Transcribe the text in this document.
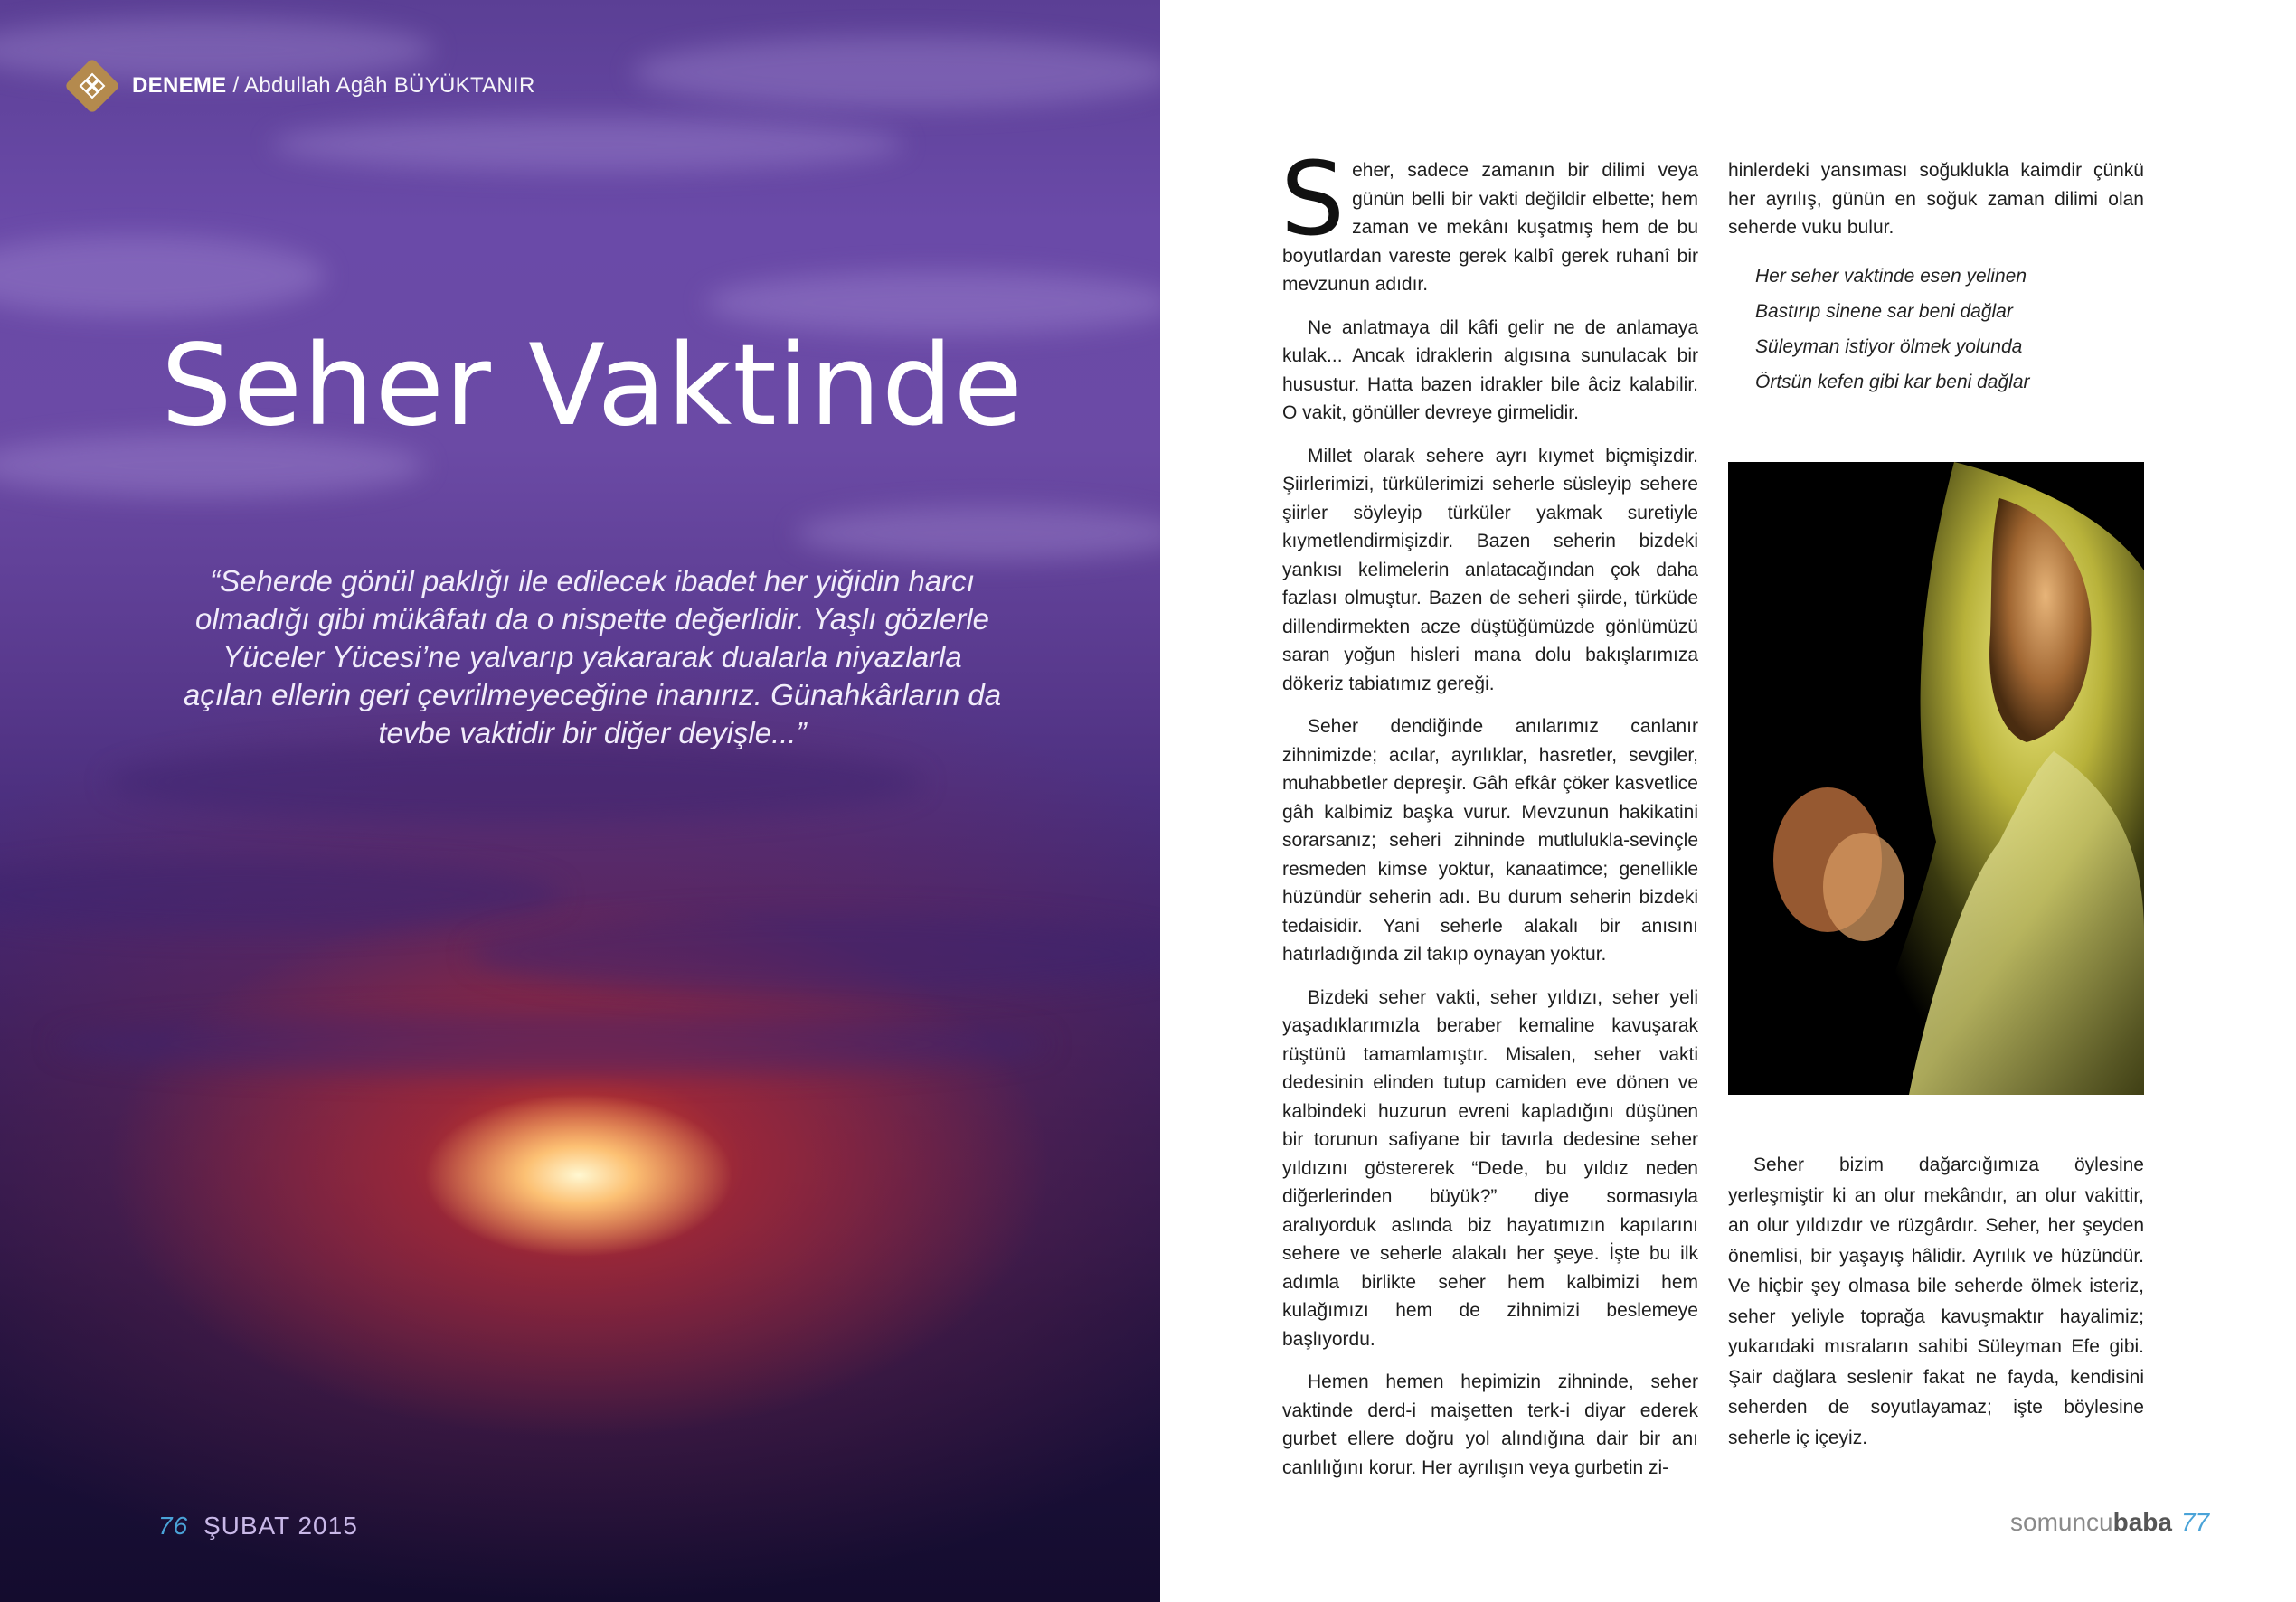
DENEME / Abdullah Agâh BÜYÜKTANIR
Seher Vaktinde

“Seherde gönül paklığı ile edilecek ibadet her yiğidin harcı olmadığı gibi mükâfatı da o nispette değerlidir. Yaşlı gözlerle Yüceler Yücesi’ne yalvarıp yakararak dualarla niyazlarla açılan ellerin geri çevrilmeyeceğine inanırız. Günahkârların da tevbe vaktidir bir diğer deyişle...”

76 ŞUBAT 2015

Seher, sadece zamanın bir dilimi veya günün belli bir vakti değildir elbette; hem zaman ve mekânı kuşatmış hem de bu boyutlardan vareste gerek kalbî gerek ruhanî bir mevzunun adıdır.

Ne anlatmaya dil kâfi gelir ne de anlamaya kulak... Ancak idraklerin algısına sunulacak bir husustur. Hatta bazen idrakler bile âciz kalabilir. O vakit, gönüller devreye girmelidir.

Millet olarak sehere ayrı kıymet biçmişizdir. Şiirlerimizi, türkülerimizi seherle süsleyip sehere şiirler söyleyip türküler yakmak suretiyle kıymetlendirmişizdir. Bazen seherin bizdeki yankısı kelimelerin anlatacağından çok daha fazlası olmuştur. Bazen de seheri şiirde, türküde dillendirmekten acze düştüğümüzde gönlümüzü saran yoğun hisleri mana dolu bakışlarımıza dökeriz tabiatımız gereği.

Seher dendiğinde anılarımız canlanır zihnimizde; acılar, ayrılıklar, hasretler, sevgiler, muhabbetler depreşir. Gâh efkâr çöker kasvetlice gâh kalbimiz başka vurur. Mevzunun hakikatini sorarsanız; seheri zihninde mutlulukla-sevinçle resmeden kimse yoktur, kanaatimce; genellikle hüzündür seherin adı. Bu durum seherin bizdeki tedaisidir. Yani seherle alakalı bir anısını hatırladığında zil takıp oynayan yoktur.

Bizdeki seher vakti, seher yıldızı, seher yeli yaşadıklarımızla beraber kemaline kavuşarak rüştünü tamamlamıştır. Misalen, seher vakti dedesinin elinden tutup camiden eve dönen ve kalbindeki huzurun evreni kapladığını düşünen bir torunun safiyane bir tavırla dedesine seher yıldızını göstererek “Dede, bu yıldız neden diğerlerinden büyük?” diye sormasıyla aralıyorduk aslında biz hayatımızın kapılarını sehere ve seherle alakalı her şeye. İşte bu ilk adımla birlikte seher hem kalbimizi hem kulağımızı hem de zihnimizi beslemeye başlıyordu.

Hemen hemen hepimizin zihninde, seher vaktinde derd-i maişetten terk-i diyar ederek gurbet ellere doğru yol alındığına dair bir anı canlılığını korur. Her ayrılışın veya gurbetin zi-

hinlerdeki yansıması soğuklukla kaimdir çünkü her ayrılış, günün en soğuk zaman dilimi olan seherde vuku bulur.

Her seher vaktinde esen yelinen
Bastırıp sinene sar beni dağlar
Süleyman istiyor ölmek yolunda
Örtsün kefen gibi kar beni dağlar

Seher bizim dağarcığımıza öylesine yerleşmiştir ki an olur mekândır, an olur vakittir, an olur yıldızdır ve rüzgârdır. Seher, her şeyden önemlisi, bir yaşayış hâlidir. Ayrılık ve hüzündür. Ve hiçbir şey olmasa bile seherde ölmek isteriz, seher yeliyle toprağa kavuşmaktır hayalimiz; yukarıdaki mısraların sahibi Süleyman Efe gibi. Şair dağlara seslenir fakat ne fayda, kendisini seherden de soyutlayamaz; işte böylesine seherle iç içeyiz.

somuncubaba 77
